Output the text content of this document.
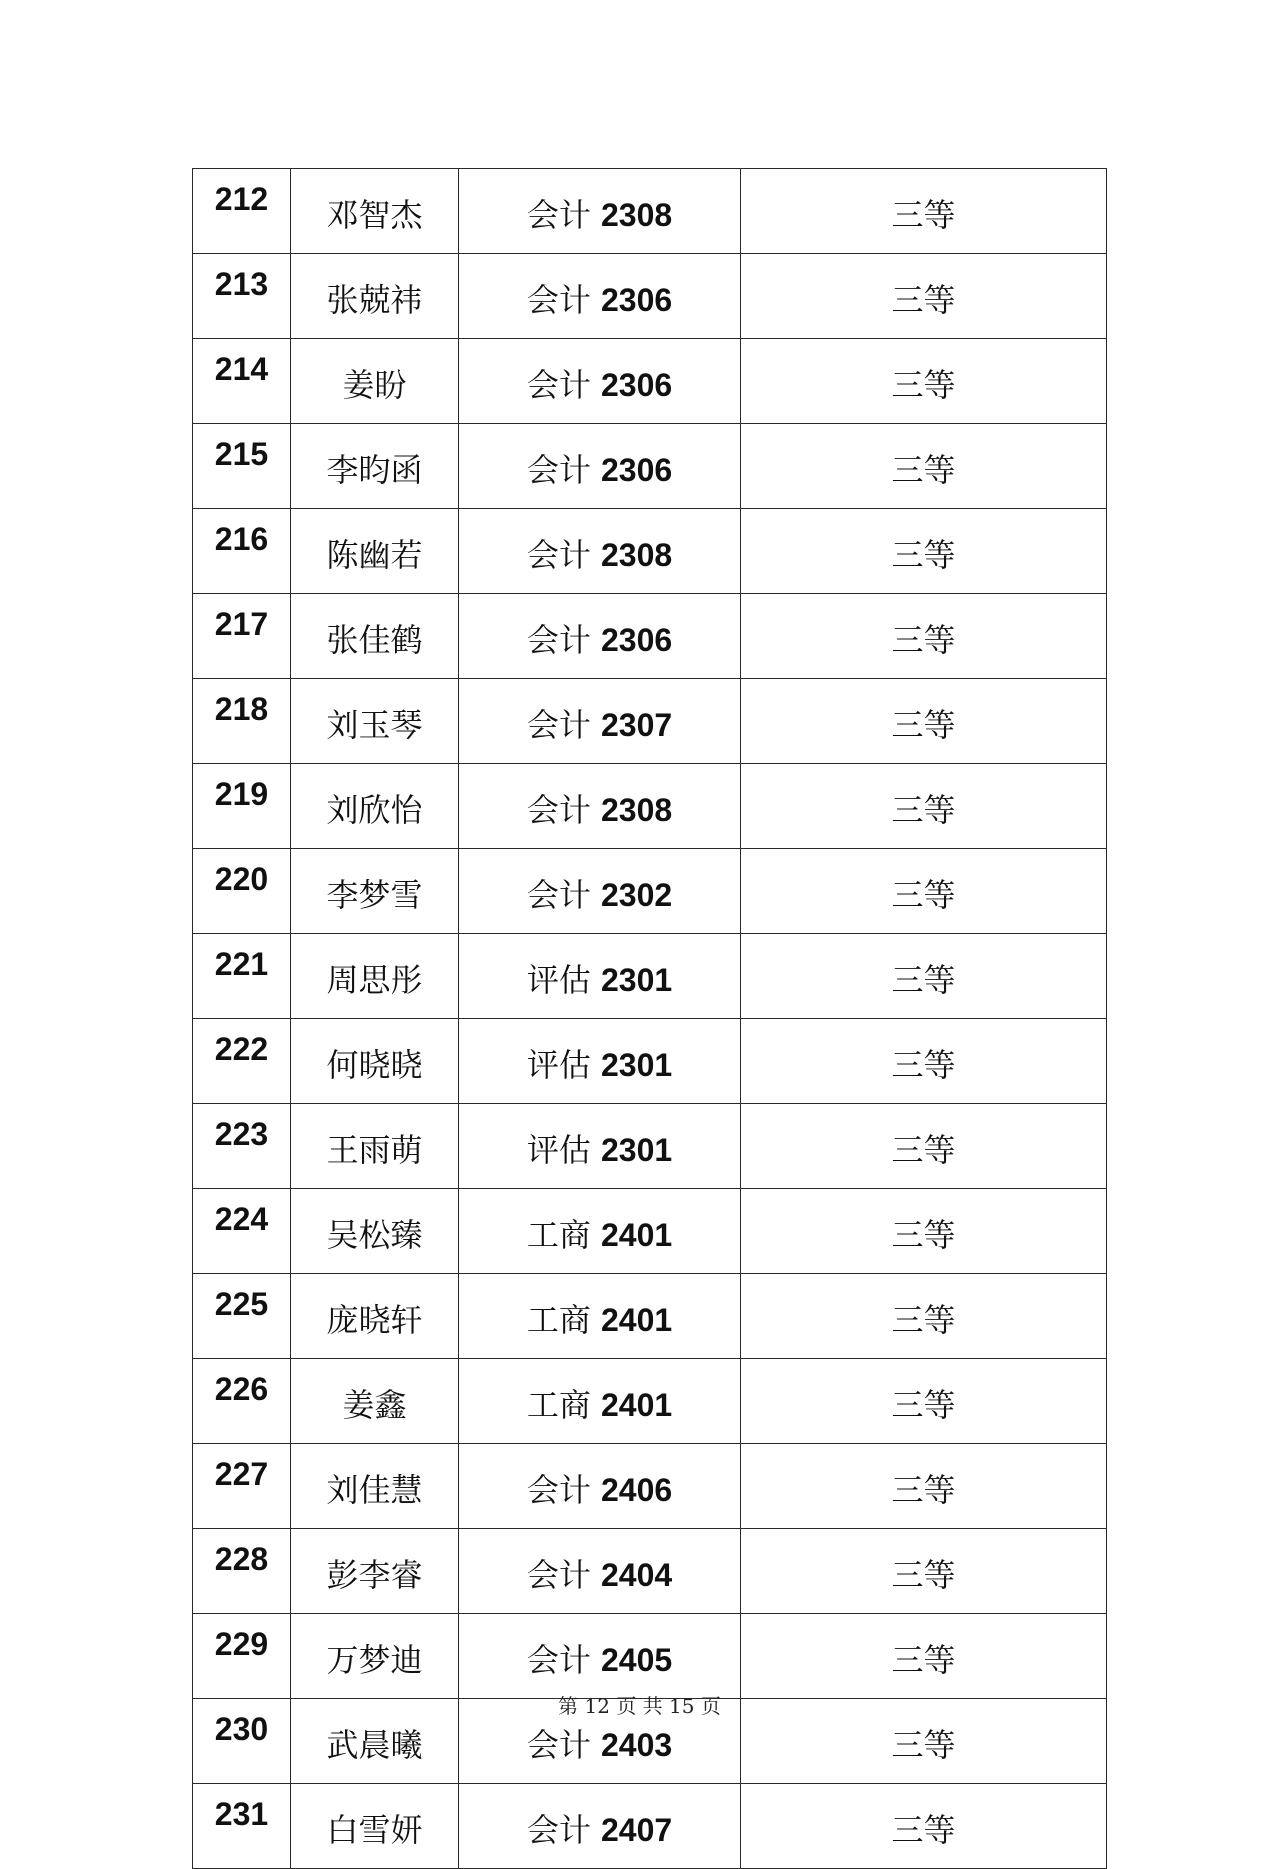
212	邓智杰	会计 2308	三等
213	张兢祎	会计 2306	三等
214	姜盼	会计 2306	三等
215	李昀函	会计 2306	三等
216	陈幽若	会计 2308	三等
217	张佳鹤	会计 2306	三等
218	刘玉琴	会计 2307	三等
219	刘欣怡	会计 2308	三等
220	李梦雪	会计 2302	三等
221	周思彤	评估 2301	三等
222	何晓晓	评估 2301	三等
223	王雨萌	评估 2301	三等
224	吴松臻	工商 2401	三等
225	庞晓轩	工商 2401	三等
226	姜鑫	工商 2401	三等
227	刘佳慧	会计 2406	三等
228	彭李睿	会计 2404	三等
229	万梦迪	会计 2405	三等
230	武晨曦	会计 2403	三等
231	白雪妍	会计 2407	三等
第 12 页 共 15 页
